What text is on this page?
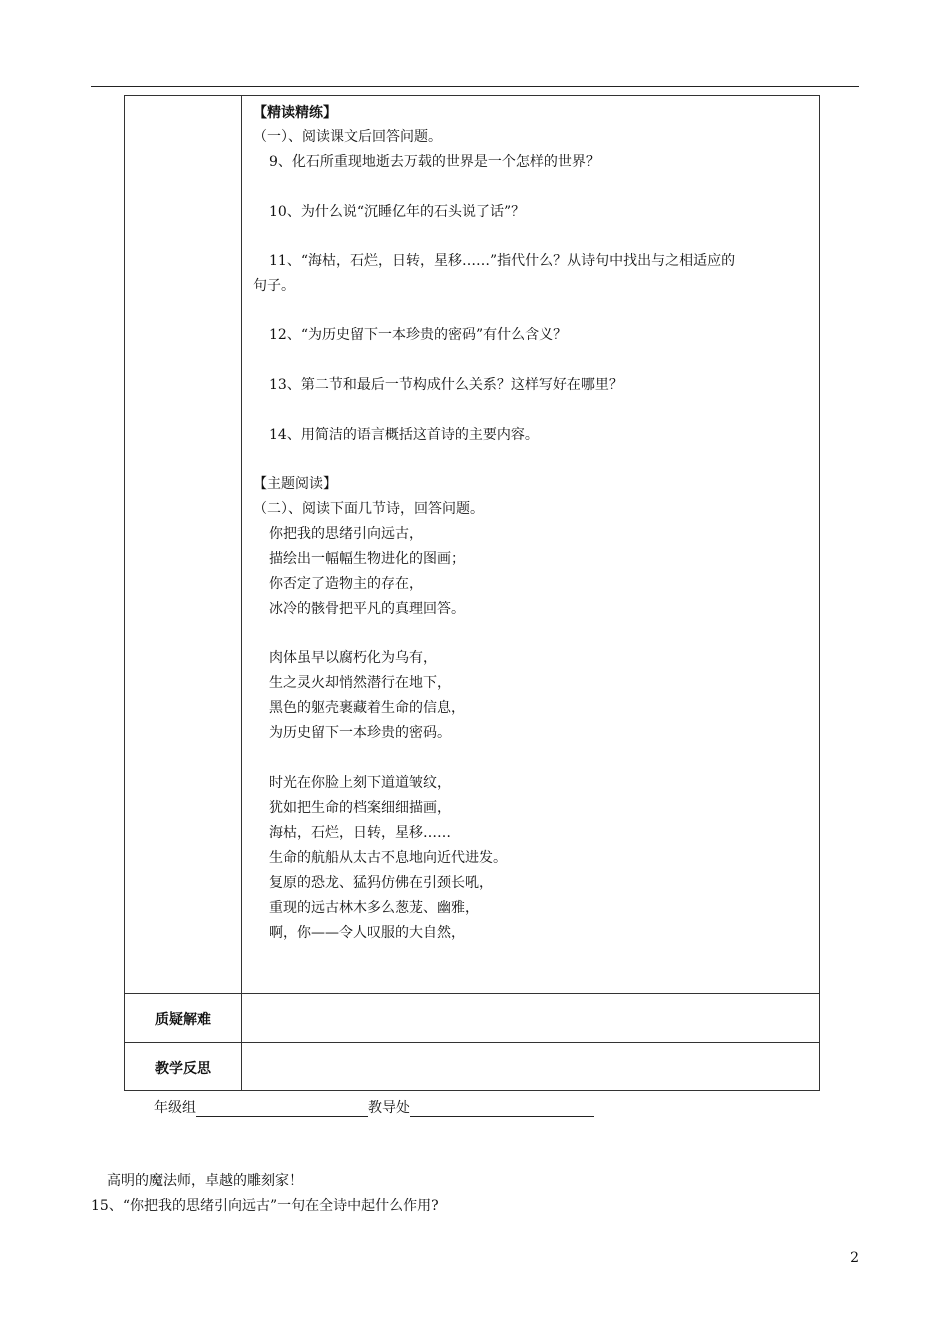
【精读精练】
（一）、阅读课文后回答问题。
9、化石所重现地逝去万载的世界是一个怎样的世界？
10、为什么说“沉睡亿年的石头说了话”？
11、“海枯，石烂，日转，星移……”指代什么？从诗句中找出与之相适应的
句子。
12、“为历史留下一本珍贵的密码”有什么含义？
13、第二节和最后一节构成什么关系？这样写好在哪里？
14、用简洁的语言概括这首诗的主要内容。
【主题阅读】
（二）、阅读下面几节诗，回答问题。
你把我的思绪引向远古，
描绘出一幅幅生物进化的图画；
你否定了造物主的存在，
冰冷的骸骨把平凡的真理回答。
肉体虽早以腐朽化为乌有，
生之灵火却悄然潜行在地下，
黑色的躯壳裹藏着生命的信息，
为历史留下一本珍贵的密码。
时光在你脸上刻下道道皱纹，
犹如把生命的档案细细描画，
海枯，石烂，日转，星移……
生命的航船从太古不息地向近代进发。
复原的恐龙、猛犸仿佛在引颈长吼，
重现的远古林木多么葱茏、幽雅，
啊，你——令人叹服的大自然，
质疑解难
教学反思
年级组	教导处
高明的魔法师，卓越的雕刻家！
15、“你把我的思绪引向远古”一句在全诗中起什么作用?
2
